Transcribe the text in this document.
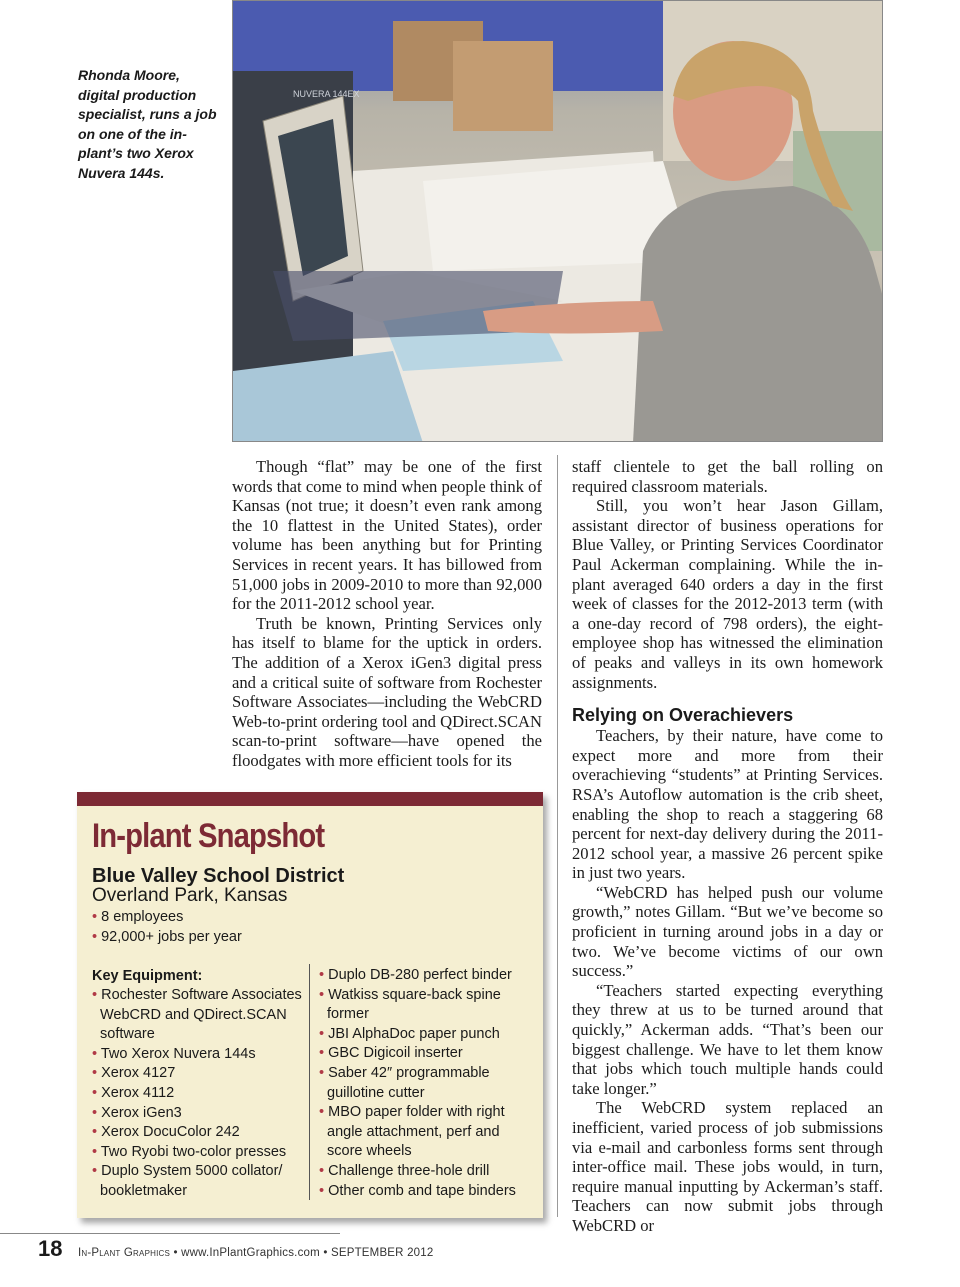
Rhonda Moore, digital production specialist, runs a job on one of the in-plant’s two Xerox Nuvera 144s.
NUVERA 144EX

Though “flat” may be one of the first words that come to mind when people think of Kansas (not true; it doesn’t even rank among the 10 flattest in the United States), order volume has been anything but for Printing Services in recent years. It has billowed from 51,000 jobs in 2009-2010 to more than 92,000 for the 2011-2012 school year.

Truth be known, Printing Services only has itself to blame for the uptick in orders. The addition of a Xerox iGen3 digital press and a critical suite of software from Rochester Software Associates—including the WebCRD Web-to-print ordering tool and QDirect.SCAN scan-to-print software—have opened the floodgates with more efficient tools for its

staff clientele to get the ball rolling on required classroom materials.

Still, you won’t hear Jason Gillam, assistant director of business operations for Blue Valley, or Printing Services Coordinator Paul Ackerman complaining. While the in-plant averaged 640 orders a day in the first week of classes for the 2012-2013 term (with a one-day record of 798 orders), the eight-employee shop has witnessed the elimination of peaks and valleys in its own homework assignments.

Relying on Overachievers

Teachers, by their nature, have come to expect more and more from their overachieving “students” at Printing Services. RSA’s Autoflow automation is the crib sheet, enabling the shop to reach a staggering 68 percent for next-day delivery during the 2011-2012 school year, a massive 26 percent spike in just two years.

“WebCRD has helped push our volume growth,” notes Gillam. “But we’ve become so proficient in turning around jobs in a day or two. We’ve become victims of our own success.”

“Teachers started expecting everything they threw at us to be turned around that quickly,” Ackerman adds. “That’s been our biggest challenge. We have to let them know that jobs which touch multiple hands could take longer.”

The WebCRD system replaced an inefficient, varied process of job submissions via e-mail and carbonless forms sent through inter-office mail. These jobs would, in turn, require manual inputting by Ackerman’s staff. Teachers can now submit jobs through WebCRD or

In-plant Snapshot
Blue Valley School District
Overland Park, Kansas
• 8 employees
• 92,000+ jobs per year
Key Equipment:
• Rochester Software Associates WebCRD and QDirect.SCAN software
• Two Xerox Nuvera 144s
• Xerox 4127
• Xerox 4112
• Xerox iGen3
• Xerox DocuColor 242
• Two Ryobi two-color presses
• Duplo System 5000 collator/ bookletmaker
• Duplo DB-280 perfect binder
• Watkiss square-back spine former
• JBI AlphaDoc paper punch
• GBC Digicoil inserter
• Saber 42″ programmable guillotine cutter
• MBO paper folder with right angle attachment, perf and score wheels
• Challenge three-hole drill
• Other comb and tape binders
18 In-Plant Graphics • www.InPlantGraphics.com • SEPTEMBER 2012
